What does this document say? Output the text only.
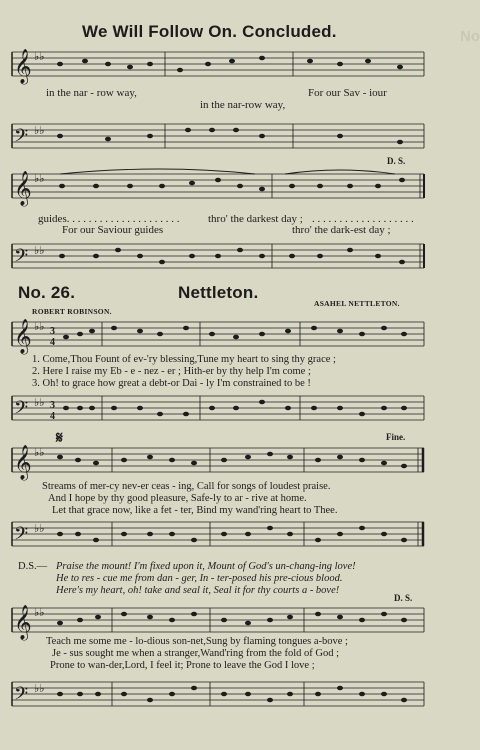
No
We Will Follow On. Concluded.
𝄞 ♭♭
in the nar - row way,	For our Sav - iour
in the nar-row way,
𝄢 ♭♭
D. S.
𝄞 ♭♭
guides. . . . . . . . . . . . . . . . . . . . .	thro' the darkest day ; . . . . . . . . . . . . . . . . . . .
For our Saviour guides	thro' the dark-est day ;
𝄢 ♭♭
No. 26.	Nettleton.
ROBERT ROBINSON.
ASAHEL NETTLETON.
𝄞 ♭♭ 3
4
1. Come,Thou Fount of ev-'ry blessing,Tune my heart to sing thy grace ;
2. Here I raise my Eb - e - nez - er ; Hith-er by thy help I'm come ;
3. Oh! to grace how great a debt-or Dai - ly I'm constrained to be !
𝄢 ♭♭ 3
4
𝄋	Fine.
𝄞 ♭♭
Streams of mer-cy nev-er ceas - ing, Call for songs of loudest praise.
And I hope by thy good pleasure, Safe-ly to ar - rive at home.
Let that grace now, like a fet - ter, Bind my wand'ring heart to Thee.
𝄢 ♭♭
D.S.— Praise the mount! I'm fixed upon it, Mount of God's un-chang-ing love!
He to res - cue me from dan - ger, In - ter-posed his pre-cious blood.
Here's my heart, oh! take and seal it, Seal it for thy courts a - bove!
D. S.
𝄞 ♭♭
Teach me some me - lo-dious son-net,Sung by flaming tongues a-bove ;
Je - sus sought me when a stranger,Wand'ring from the fold of God ;
Prone to wan-der,Lord, I feel it; Prone to leave the God I love ;
𝄢 ♭♭
